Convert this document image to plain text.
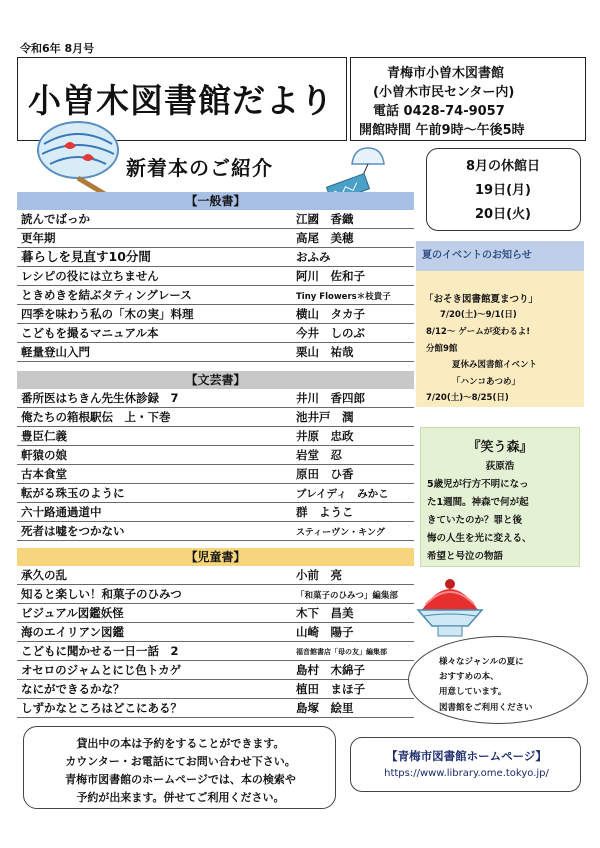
令和6年 8月号
小曽木図書館だより
青梅市小曽木図書館
(小曽木市民センター内)
電話 0428-74-9057
開館時間 午前9時～午後5時
新着本のご紹介
【一般書】
読んでばっか	江國　香織
更年期	高尾　美穂
暮らしを見直す10分間	おふみ
レシピの役には立ちません	阿川　佐和子
ときめきを結ぶタティングレース	Tiny Flowers＊枝貴子
四季を味わう私の「木の実」料理	横山　タカ子
こどもを撮るマニュアル本	今井　しのぶ
軽量登山入門	栗山　祐哉
【文芸書】
番所医はちきん先生休診録　7	井川　香四郎
俺たちの箱根駅伝　上・下巻	池井戸　潤
豊臣仁義	井原　忠政
軒猿の娘	岩堂　忍
古本食堂	原田　ひ香
転がる珠玉のように	ブレイディ　みかこ
六十路通過道中	群　ようこ
死者は嘘をつかない	スティーヴン・キング
【児童書】
承久の乱	小前　亮
知ると楽しい！和菓子のひみつ	「和菓子のひみつ」編集部
ビジュアル図鑑妖怪	木下　昌美
海のエイリアン図鑑	山崎　陽子
こどもに聞かせる一日一話　2	福音館書店「母の友」編集部
オセロのジャムとにじ色トカゲ	島村　木綿子
なにができるかな？	植田　まほ子
しずかなところはどこにある？	島塚　絵里
8月の休館日
19日(月)
20日(火)
夏のイベントのお知らせ
「おそき図書館夏まつり」
7/20(土)～9/1(日)
8/12～ ゲームが変わるよ!
分館9館
夏休み図書館イベント
「ハンコあつめ」
7/20(土)～8/25(日)
『笑う森』
荻原浩
5歳児が行方不明になっ
た1週間。神森で何が起
きていたのか？罪と後
悔の人生を光に変える、
希望と号泣の物語
様々なジャンルの夏に
おすすめの本、
用意しています。
図書館をご利用ください
貸出中の本は予約をすることができます。
カウンター・お電話にてお問い合わせ下さい。
青梅市図書館のホームページでは、本の検索や
予約が出来ます。併せてご利用ください。
【青梅市図書館ホームページ】
https://www.library.ome.tokyo.jp/
